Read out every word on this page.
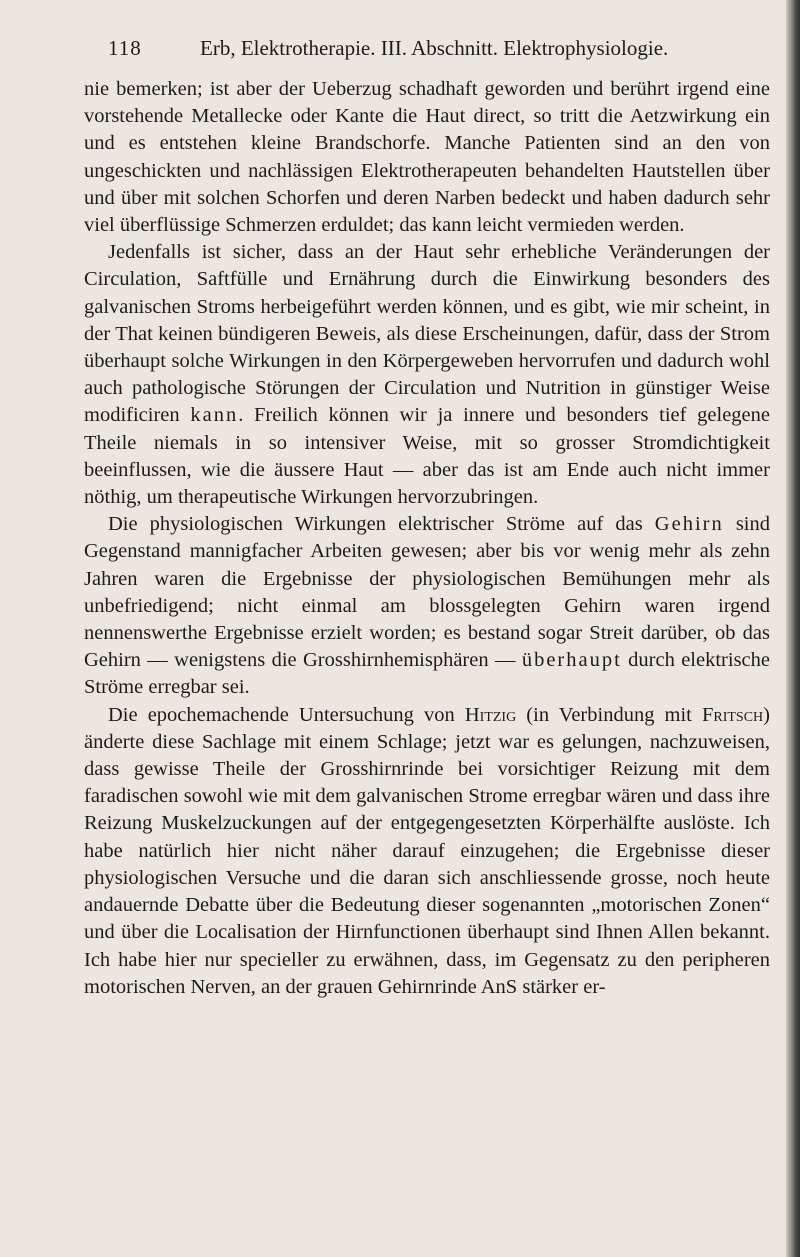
118	Erb, Elektrotherapie. III. Abschnitt. Elektrophysiologie.

nie bemerken; ist aber der Ueberzug schadhaft geworden und berührt irgend eine vorstehende Metallecke oder Kante die Haut direct, so tritt die Aetzwirkung ein und es entstehen kleine Brandschorfe. Manche Patienten sind an den von ungeschickten und nachlässigen Elektrotherapeuten behandelten Hautstellen über und über mit solchen Schorfen und deren Narben bedeckt und haben dadurch sehr viel überflüssige Schmerzen erduldet; das kann leicht vermieden werden.

Jedenfalls ist sicher, dass an der Haut sehr erhebliche Veränderungen der Circulation, Saftfülle und Ernährung durch die Einwirkung besonders des galvanischen Stroms herbeigeführt werden können, und es gibt, wie mir scheint, in der That keinen bündigeren Beweis, als diese Erscheinungen, dafür, dass der Strom überhaupt solche Wirkungen in den Körpergeweben hervorrufen und dadurch wohl auch pathologische Störungen der Circulation und Nutrition in günstiger Weise modificiren kann. Freilich können wir ja innere und besonders tief gelegene Theile niemals in so intensiver Weise, mit so grosser Stromdichtigkeit beeinflussen, wie die äussere Haut — aber das ist am Ende auch nicht immer nöthig, um therapeutische Wirkungen hervorzubringen.

Die physiologischen Wirkungen elektrischer Ströme auf das Gehirn sind Gegenstand mannigfacher Arbeiten gewesen; aber bis vor wenig mehr als zehn Jahren waren die Ergebnisse der physiologischen Bemühungen mehr als unbefriedigend; nicht einmal am blossgelegten Gehirn waren irgend nennenswerthe Ergebnisse erzielt worden; es bestand sogar Streit darüber, ob das Gehirn — wenigstens die Grosshirnhemisphären — überhaupt durch elektrische Ströme erregbar sei.

Die epochemachende Untersuchung von Hitzig (in Verbindung mit Fritsch) änderte diese Sachlage mit einem Schlage; jetzt war es gelungen, nachzuweisen, dass gewisse Theile der Grosshirnrinde bei vorsichtiger Reizung mit dem faradischen sowohl wie mit dem galvanischen Strome erregbar wären und dass ihre Reizung Muskelzuckungen auf der entgegengesetzten Körperhälfte auslöste. Ich habe natürlich hier nicht näher darauf einzugehen; die Ergebnisse dieser physiologischen Versuche und die daran sich anschliessende grosse, noch heute andauernde Debatte über die Bedeutung dieser sogenannten „motorischen Zonen“ und über die Localisation der Hirnfunctionen überhaupt sind Ihnen Allen bekannt. Ich habe hier nur specieller zu erwähnen, dass, im Gegensatz zu den peripheren motorischen Nerven, an der grauen Gehirnrinde AnS stärker er-
